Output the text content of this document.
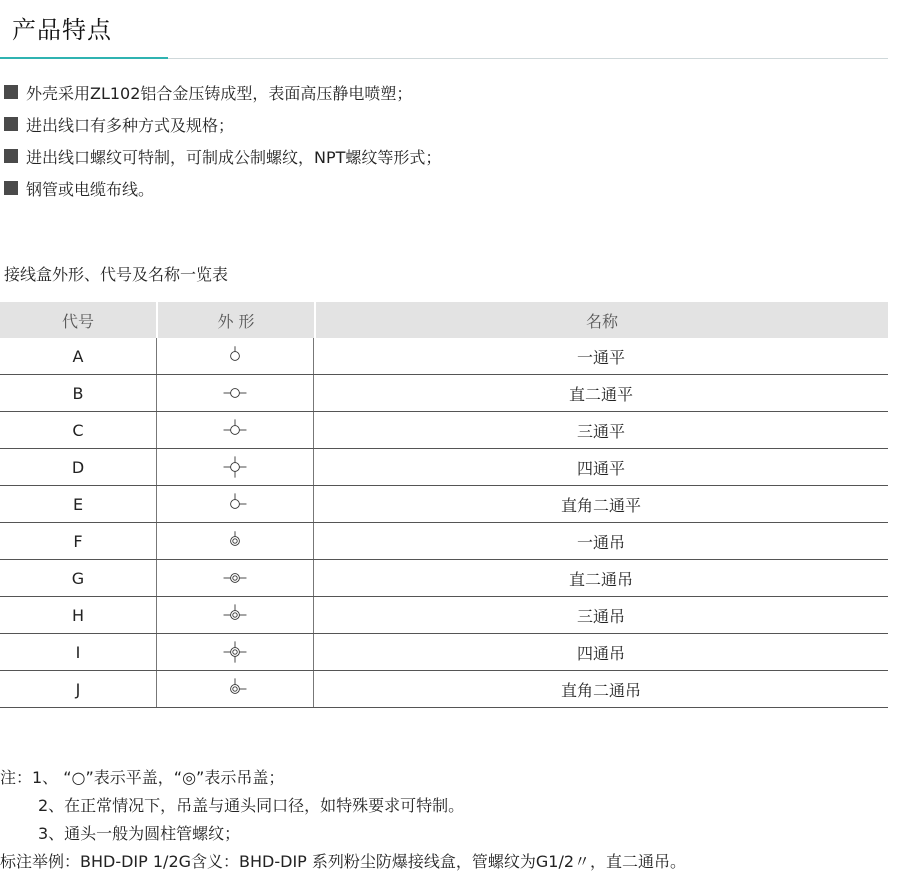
产品特点
外壳采用ZL102铝合金压铸成型，表面高压静电喷塑；
进出线口有多种方式及规格；
进出线口螺纹可特制，可制成公制螺纹，NPT螺纹等形式；
钢管或电缆布线。
接线盒外形、代号及名称一览表
代号	外 形	名称
A	一通平
B	直二通平
C	三通平
D	四通平
E	直角二通平
F	一通吊
G	直二通吊
H	三通吊
I	四通吊
J	直角二通吊
注：1、 “○”表示平盖，“◎”表示吊盖；
2、在正常情况下，吊盖与通头同口径，如特殊要求可特制。
3、通头一般为圆柱管螺纹；
标注举例：BHD-DIP 1/2G含义：BHD-DIP 系列粉尘防爆接线盒，管螺纹为G1/2〃，直二通吊。
